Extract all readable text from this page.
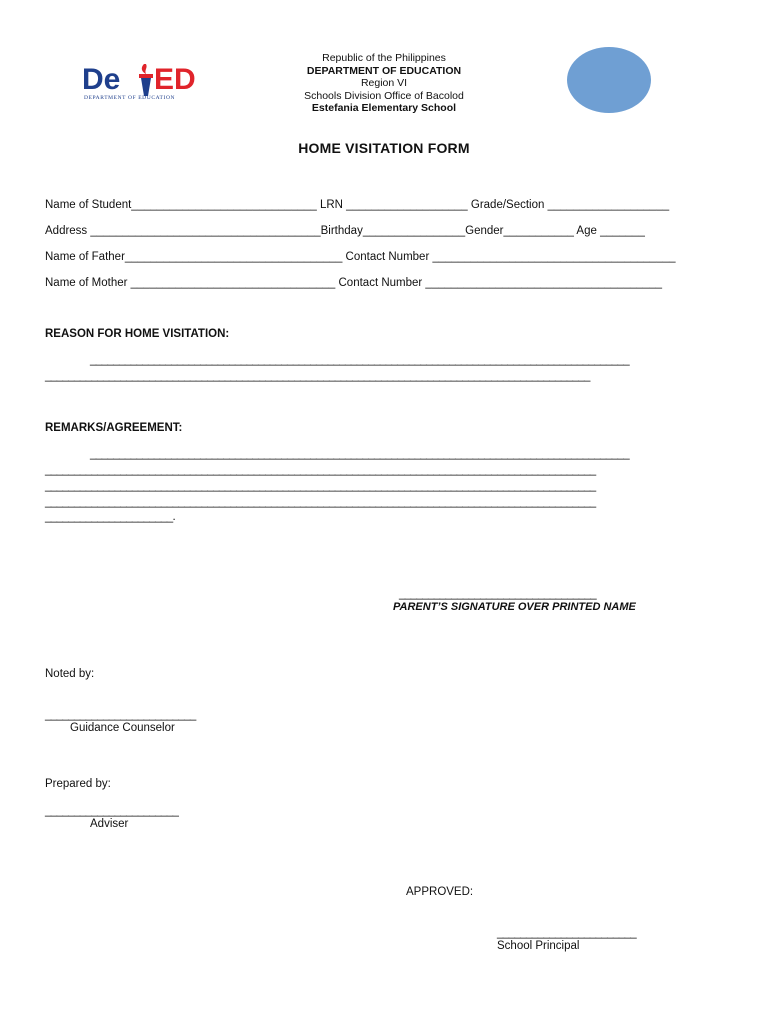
De ED
DEPARTMENT OF EDUCATION
Republic of the Philippines
DEPARTMENT OF EDUCATION
Region VI
Schools Division Office of Bacolod
Estefania Elementary School
HOME VISITATION FORM
Name of Student_____________________________ LRN ___________________ Grade/Section ___________________
Address ____________________________________Birthday________________Gender___________ Age _______
Name of Father__________________________________ Contact Number ______________________________________
Name of Mother ________________________________ Contact Number _____________________________________
REASON FOR HOME VISITATION:
_____________________________________________________________________________________________
______________________________________________________________________________________________
REMARKS/AGREEMENT:
_____________________________________________________________________________________________
_______________________________________________________________________________________________
_______________________________________________________________________________________________
_______________________________________________________________________________________________
______________________.
__________________________________
PARENT’S SIGNATURE OVER PRINTED NAME
Noted by:
__________________________
Guidance Counselor
Prepared by:
_______________________
Adviser
APPROVED:
________________________
School Principal
